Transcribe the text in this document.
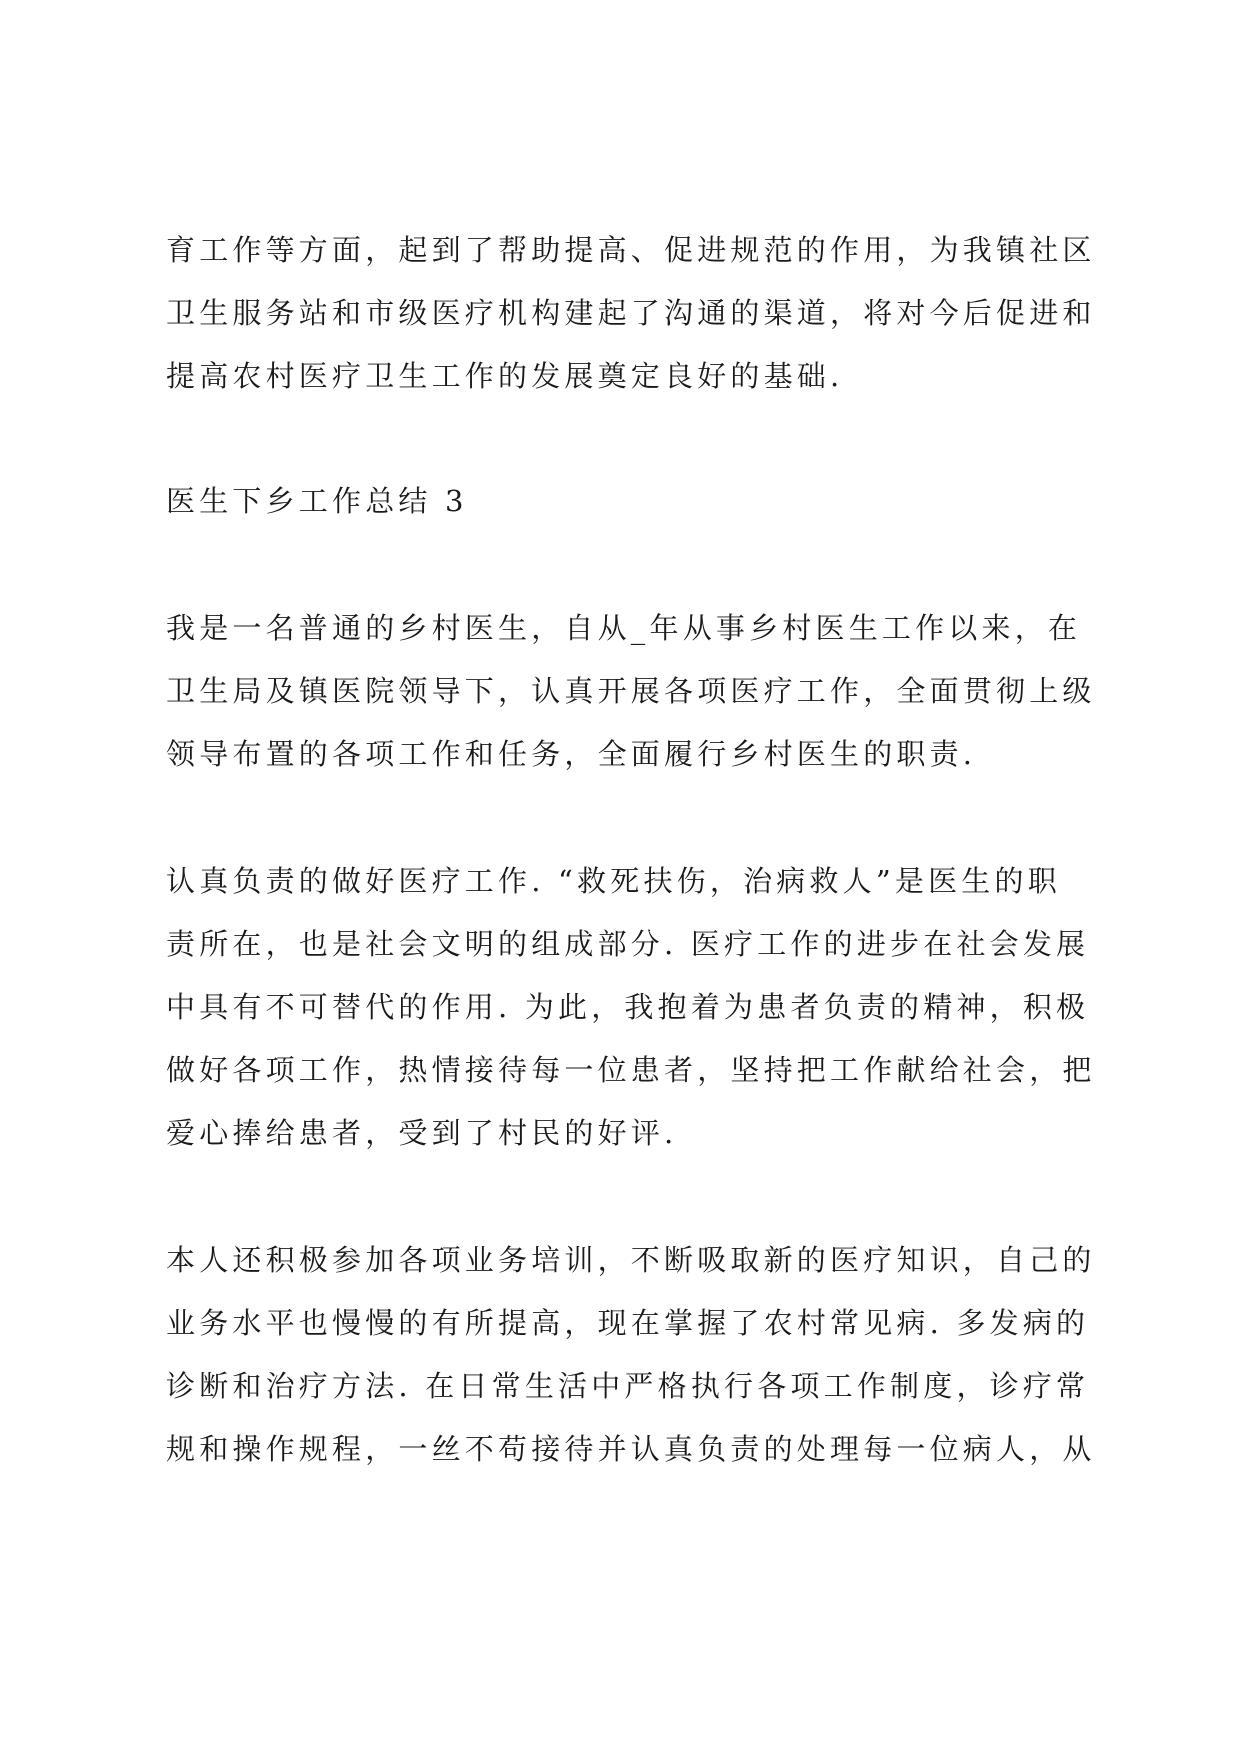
育工作等方面，起到了帮助提高、促进规范的作用，为我镇社区
卫生服务站和市级医疗机构建起了沟通的渠道，将对今后促进和
提高农村医疗卫生工作的发展奠定良好的基础.
医生下乡工作总结 3
我是一名普通的乡村医生，自从_年从事乡村医生工作以来，在
卫生局及镇医院领导下，认真开展各项医疗工作，全面贯彻上级
领导布置的各项工作和任务，全面履行乡村医生的职责.
认真负责的做好医疗工作. “救死扶伤，治病救人”是医生的职
责所在，也是社会文明的组成部分. 医疗工作的进步在社会发展
中具有不可替代的作用. 为此，我抱着为患者负责的精神，积极
做好各项工作，热情接待每一位患者，坚持把工作献给社会，把
爱心捧给患者，受到了村民的好评.
本人还积极参加各项业务培训，不断吸取新的医疗知识，自己的
业务水平也慢慢的有所提高，现在掌握了农村常见病. 多发病的
诊断和治疗方法. 在日常生活中严格执行各项工作制度，诊疗常
规和操作规程，一丝不苟接待并认真负责的处理每一位病人，从
